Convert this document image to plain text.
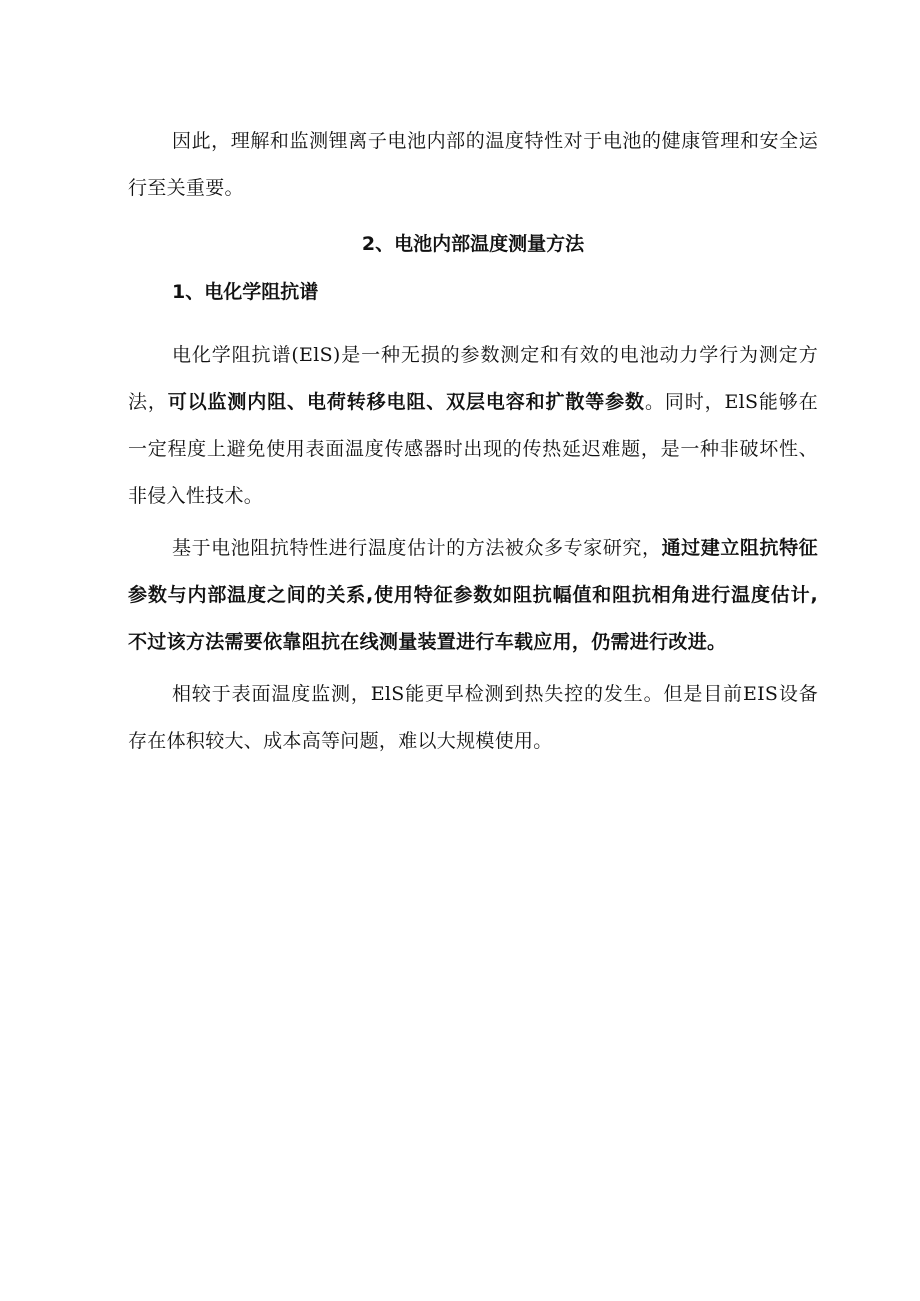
因此，理解和监测锂离子电池内部的温度特性对于电池的健康管理和安全运行至关重要。

2、电池内部温度测量方法
1、电化学阻抗谱

电化学阻抗谱(ElS)是一种无损的参数测定和有效的电池动力学行为测定方法，可以监测内阻、电荷转移电阻、双层电容和扩散等参数。同时，ElS能够在一定程度上避免使用表面温度传感器时出现的传热延迟难题，是一种非破坏性、非侵入性技术。

基于电池阻抗特性进行温度估计的方法被众多专家研究，通过建立阻抗特征参数与内部温度之间的关系,使用特征参数如阻抗幅值和阻抗相角进行温度估计,不过该方法需要依靠阻抗在线测量装置进行车载应用，仍需进行改进。

相较于表面温度监测，ElS能更早检测到热失控的发生。但是目前EIS设备存在体积较大、成本高等问题，难以大规模使用。
